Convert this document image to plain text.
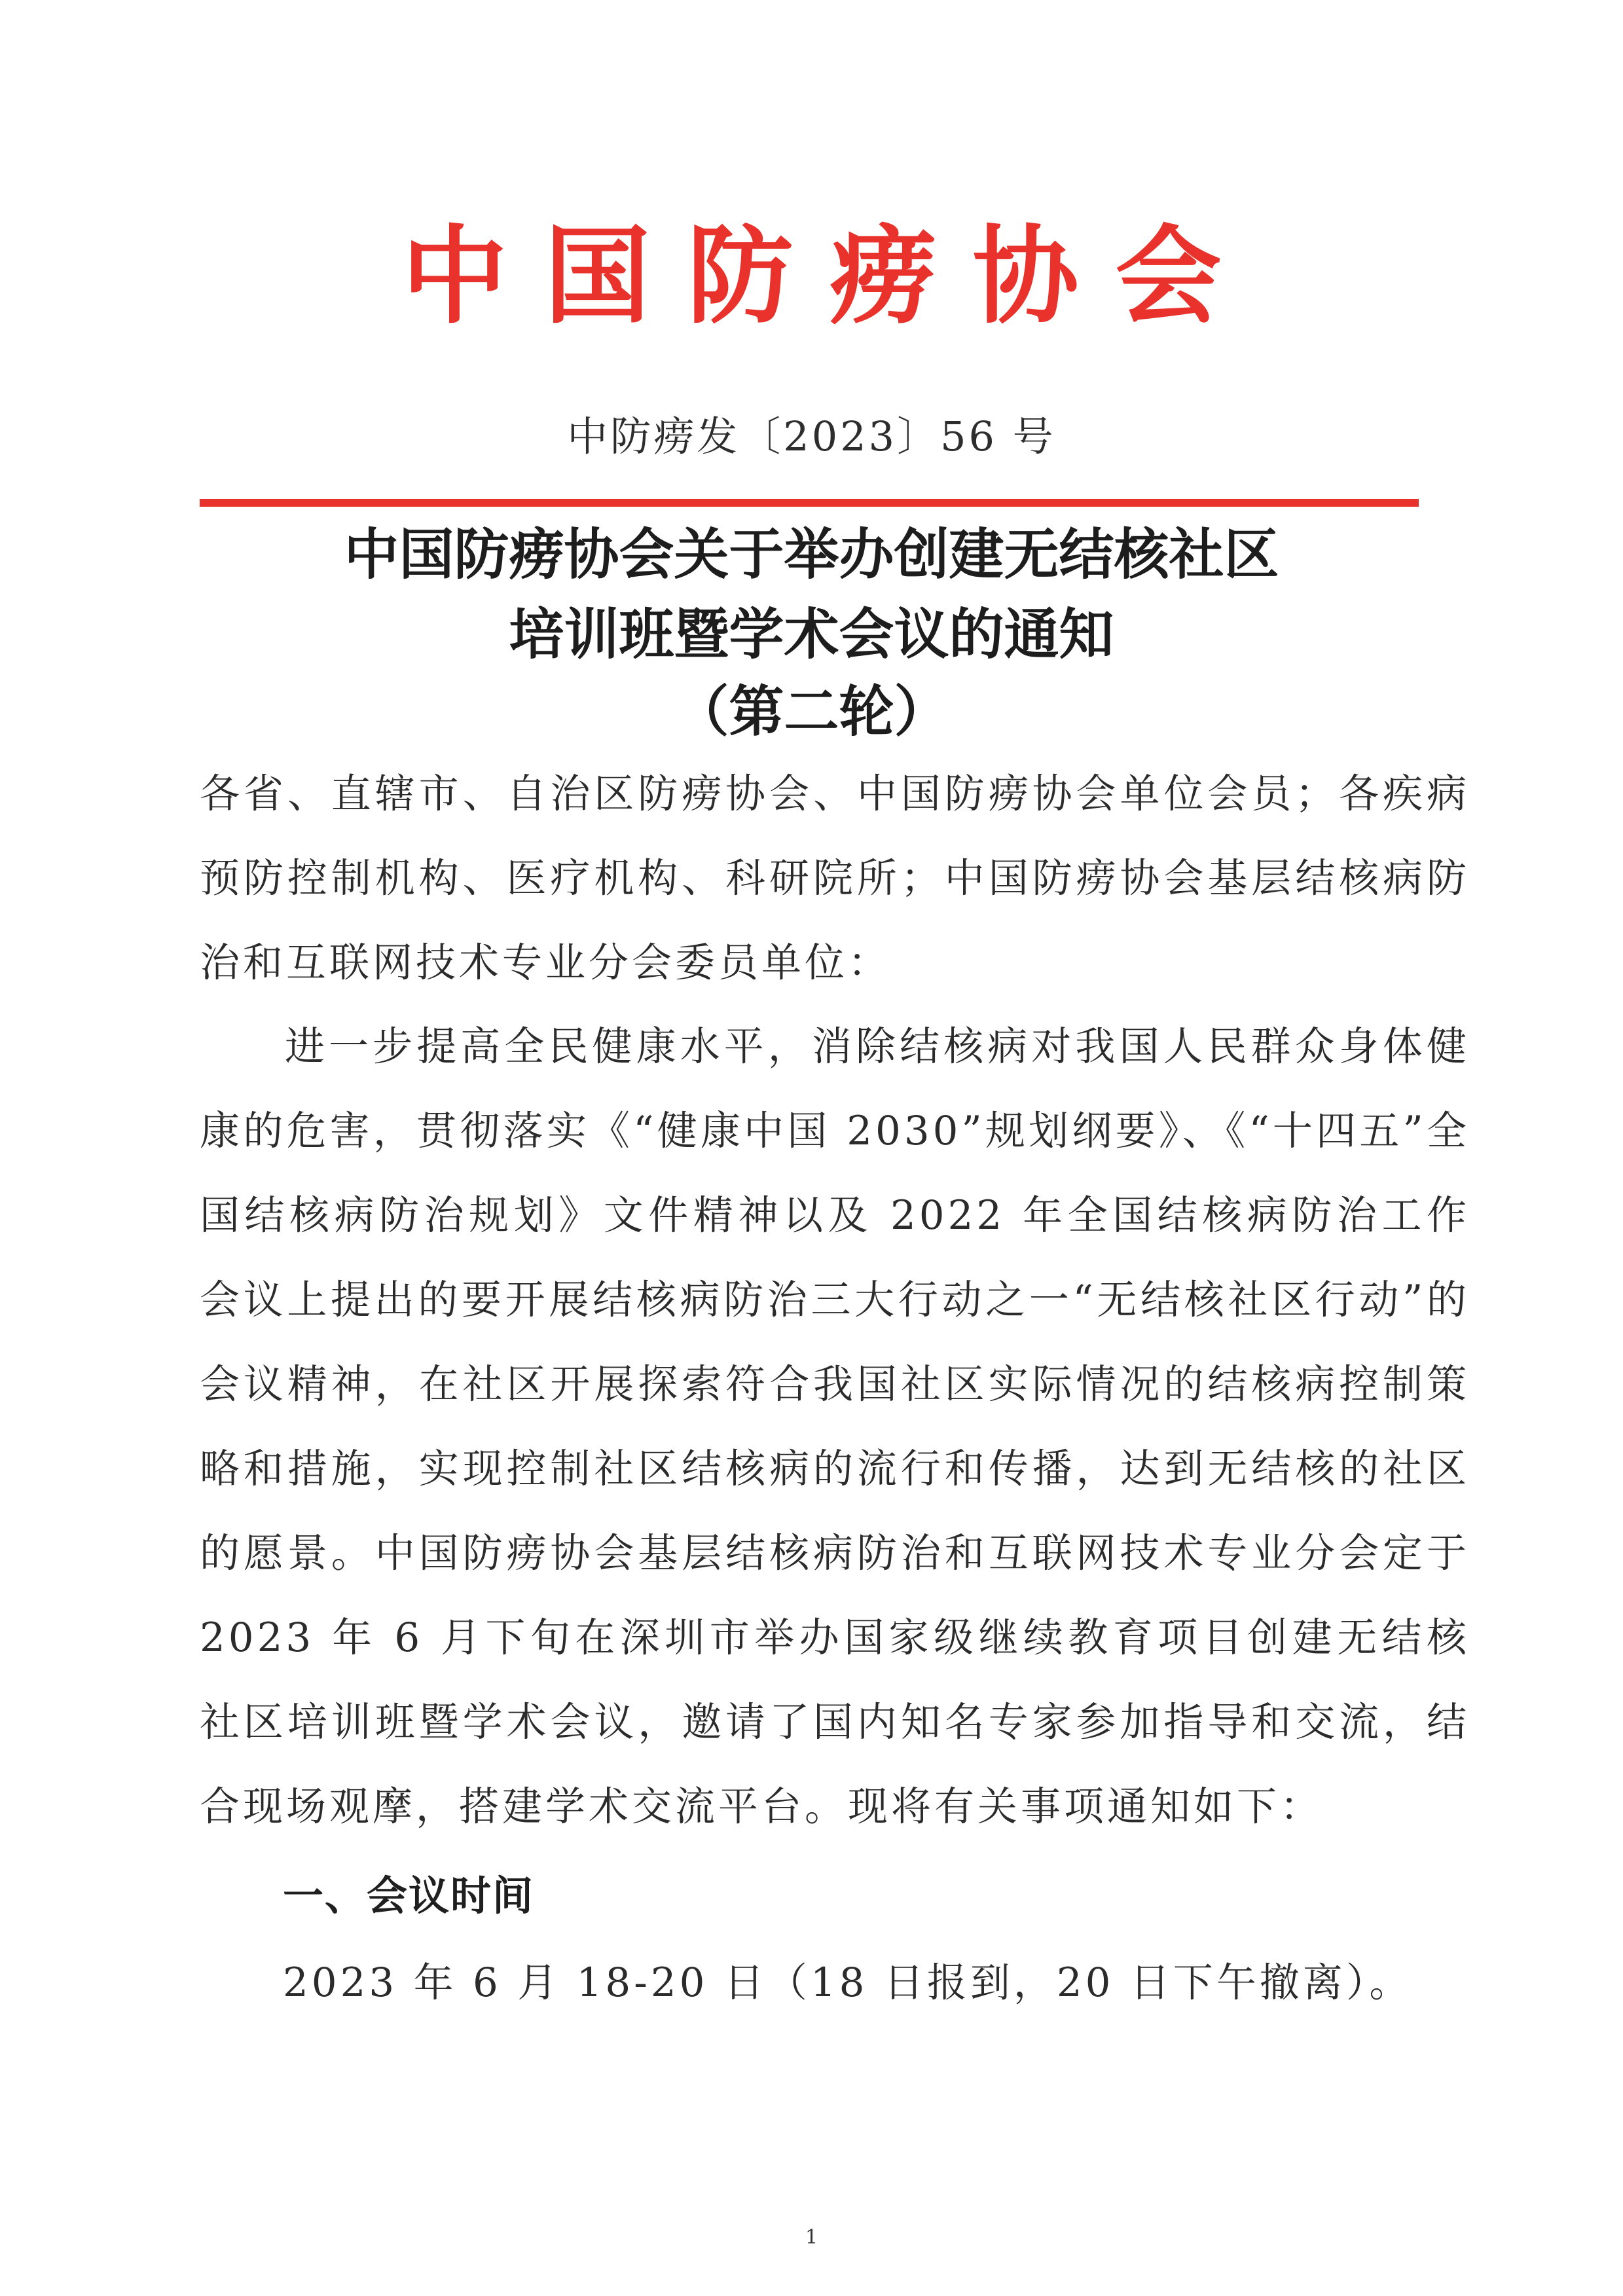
中国防痨协会
中防痨发〔2023〕56 号
中国防痨协会关于举办创建无结核社区
培训班暨学术会议的通知
（第二轮）
各省、直辖市、自治区防痨协会、中国防痨协会单位会员；各疾病预防控制机构、医疗机构、科研院所；中国防痨协会基层结核病防治和互联网技术专业分会委员单位：
进一步提高全民健康水平，消除结核病对我国人民群众身体健康的危害，贯彻落实《“健康中国 2030”规划纲要》、《“十四五”全国结核病防治规划》文件精神以及 2022 年全国结核病防治工作会议上提出的要开展结核病防治三大行动之一“无结核社区行动”的会议精神，在社区开展探索符合我国社区实际情况的结核病控制策略和措施，实现控制社区结核病的流行和传播，达到无结核的社区的愿景。中国防痨协会基层结核病防治和互联网技术专业分会定于 2023 年 6 月下旬在深圳市举办国家级继续教育项目创建无结核社区培训班暨学术会议，邀请了国内知名专家参加指导和交流，结合现场观摩，搭建学术交流平台。现将有关事项通知如下：
一、会议时间
2023 年 6 月 18-20 日（18 日报到，20 日下午撤离）。
1
